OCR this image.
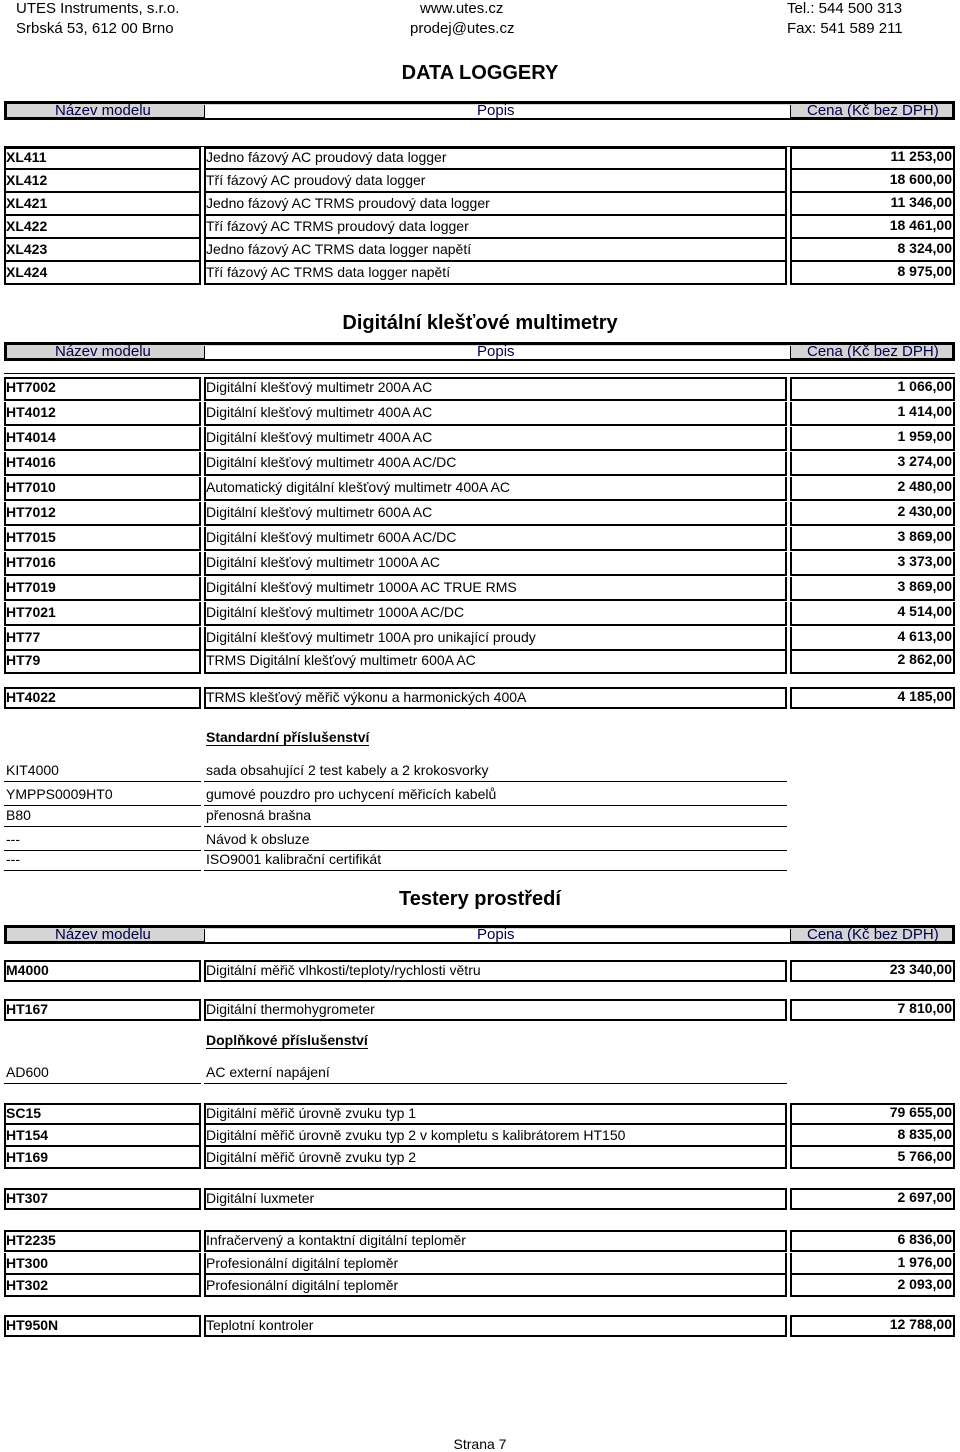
UTES Instruments, s.r.o.
Srbská 53, 612 00 Brno
www.utes.cz
prodej@utes.cz
Tel.: 544 500 313
Fax: 541 589 211
DATA LOGGERY
Název modelu	Popis	Cena (Kč bez DPH)
XL411	Jedno fázový AC proudový data logger	11 253,00
XL412	Tří fázový AC proudový data logger	18 600,00
XL421	Jedno fázový AC TRMS proudový data logger	11 346,00
XL422	Tří fázový AC TRMS proudový data logger	18 461,00
XL423	Jedno fázový AC TRMS data logger napětí	8 324,00
XL424	Tří fázový AC TRMS data logger napětí	8 975,00
Digitální klešťové multimetry
Název modelu	Popis	Cena (Kč bez DPH)
HT7002	Digitální klešťový multimetr 200A AC	1 066,00
HT4012	Digitální klešťový multimetr 400A AC	1 414,00
HT4014	Digitální klešťový multimetr 400A AC	1 959,00
HT4016	Digitální klešťový multimetr 400A AC/DC	3 274,00
HT7010	Automatický digitální klešťový multimetr 400A AC	2 480,00
HT7012	Digitální klešťový multimetr 600A AC	2 430,00
HT7015	Digitální klešťový multimetr 600A AC/DC	3 869,00
HT7016	Digitální klešťový multimetr 1000A AC	3 373,00
HT7019	Digitální klešťový multimetr 1000A AC TRUE RMS	3 869,00
HT7021	Digitální klešťový multimetr 1000A AC/DC	4 514,00
HT77	Digitální klešťový multimetr 100A pro unikající proudy	4 613,00
HT79	TRMS Digitální klešťový multimetr 600A AC	2 862,00
HT4022	TRMS klešťový měřič výkonu a harmonických 400A	4 185,00
Standardní příslušenství
KIT4000	sada obsahující 2 test kabely a 2 krokosvorky
YMPPS0009HT0	gumové pouzdro pro uchycení měřicích kabelů
B80	přenosná brašna
---	Návod k obsluze
---	ISO9001 kalibrační certifikát
Testery prostředí
Název modelu	Popis	Cena (Kč bez DPH)
M4000	Digitální měřič vlhkosti/teploty/rychlosti větru	23 340,00
HT167	Digitální thermohygrometer	7 810,00
Doplňkové příslušenství
AD600	AC externí napájení
SC15	Digitální měřič úrovně zvuku typ 1	79 655,00
HT154	Digitální měřič úrovně zvuku typ 2 v kompletu s kalibrátorem HT150	8 835,00
HT169	Digitální měřič úrovně zvuku typ 2	5 766,00
HT307	Digitální luxmeter	2 697,00
HT2235	Infračervený a kontaktní digitální teploměr	6 836,00
HT300	Profesionální digitální teploměr	1 976,00
HT302	Profesionální digitální teploměr	2 093,00
HT950N	Teplotní kontroler	12 788,00
Strana 7
